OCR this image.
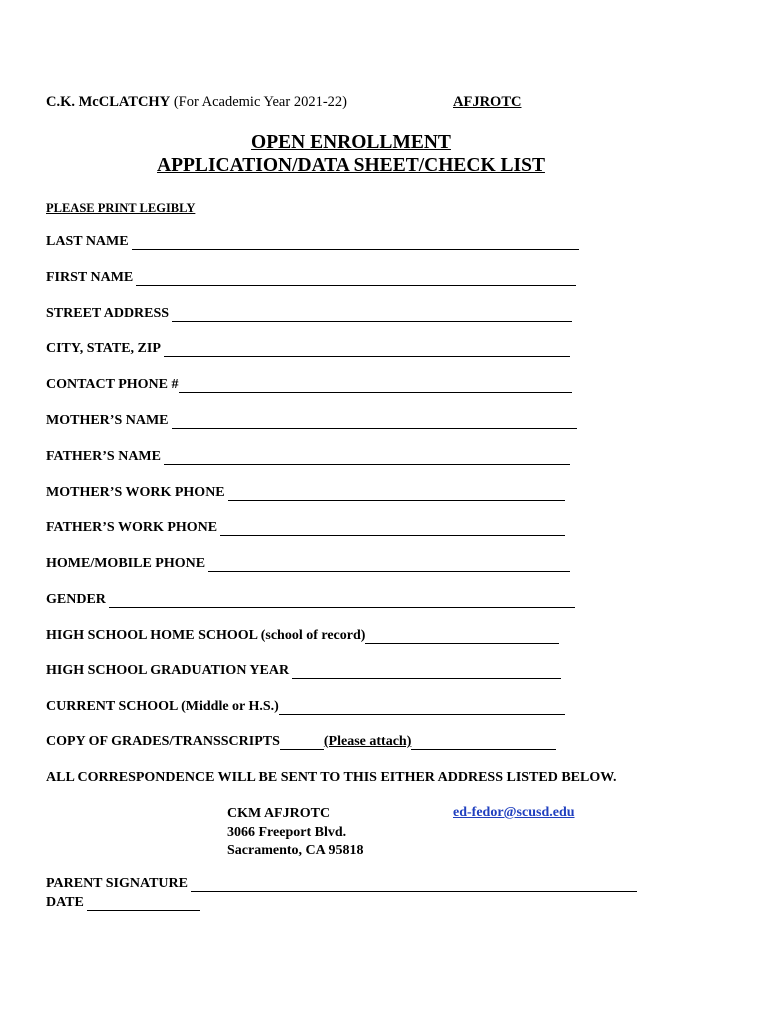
C.K. McCLATCHY (For Academic Year 2021-22)	AFJROTC
OPEN ENROLLMENT
APPLICATION/DATA SHEET/CHECK LIST
PLEASE PRINT LEGIBLY
LAST NAME
FIRST NAME
STREET ADDRESS
CITY, STATE, ZIP
CONTACT PHONE #
MOTHER’S NAME
FATHER’S NAME
MOTHER’S WORK PHONE
FATHER’S WORK PHONE
HOME/MOBILE PHONE
GENDER
HIGH SCHOOL HOME SCHOOL (school of record)
HIGH SCHOOL GRADUATION YEAR
CURRENT SCHOOL (Middle or H.S.)
COPY OF GRADES/TRANSSCRIPTS	(Please attach)
ALL CORRESPONDENCE WILL BE SENT TO THIS EITHER ADDRESS LISTED BELOW.
CKM AFJROTC
3066 Freeport Blvd.
Sacramento, CA 95818
ed-fedor@scusd.edu
PARENT SIGNATURE
DATE
